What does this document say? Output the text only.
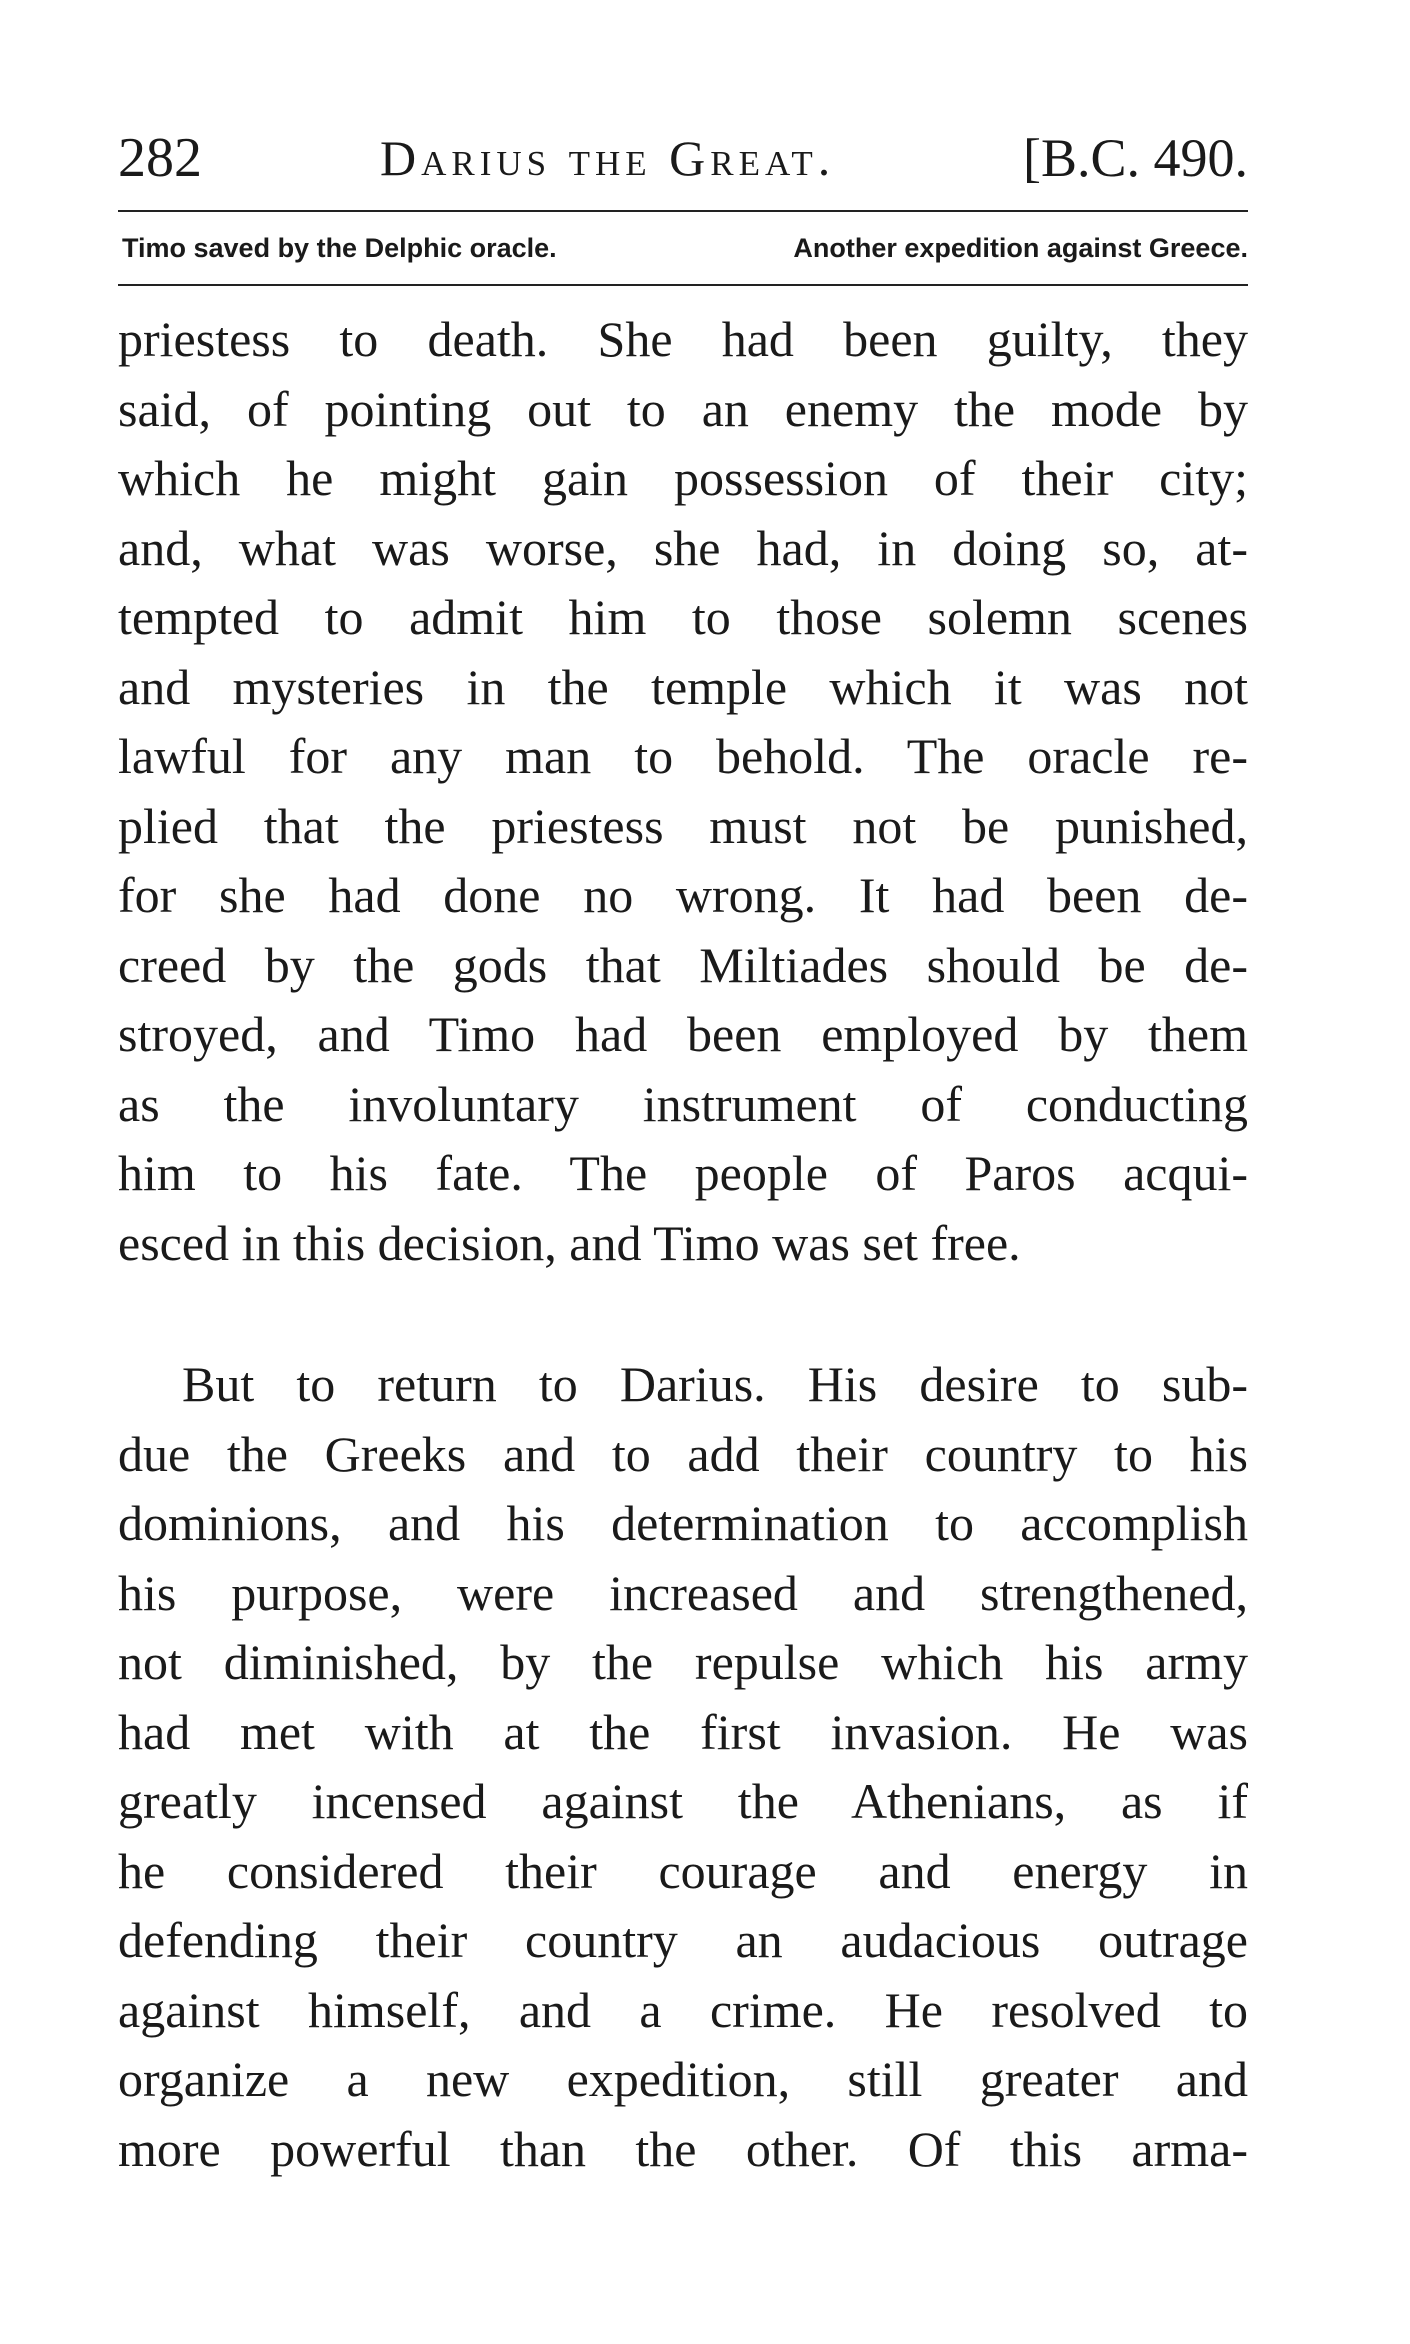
282	Darius the Great.	[B.C. 490.
Timo saved by the Delphic oracle.	Another expedition against Greece.
priestess to death. She had been guilty, they
said, of pointing out to an enemy the mode by
which he might gain possession of their city;
and, what was worse, she had, in doing so, at-
tempted to admit him to those solemn scenes
and mysteries in the temple which it was not
lawful for any man to behold. The oracle re-
plied that the priestess must not be punished,
for she had done no wrong. It had been de-
creed by the gods that Miltiades should be de-
stroyed, and Timo had been employed by them
as the involuntary instrument of conducting
him to his fate. The people of Paros acqui-
esced in this decision, and Timo was set free.
But to return to Darius. His desire to sub-
due the Greeks and to add their country to his
dominions, and his determination to accomplish
his purpose, were increased and strengthened,
not diminished, by the repulse which his army
had met with at the first invasion. He was
greatly incensed against the Athenians, as if
he considered their courage and energy in
defending their country an audacious outrage
against himself, and a crime. He resolved to
organize a new expedition, still greater and
more powerful than the other. Of this arma-
